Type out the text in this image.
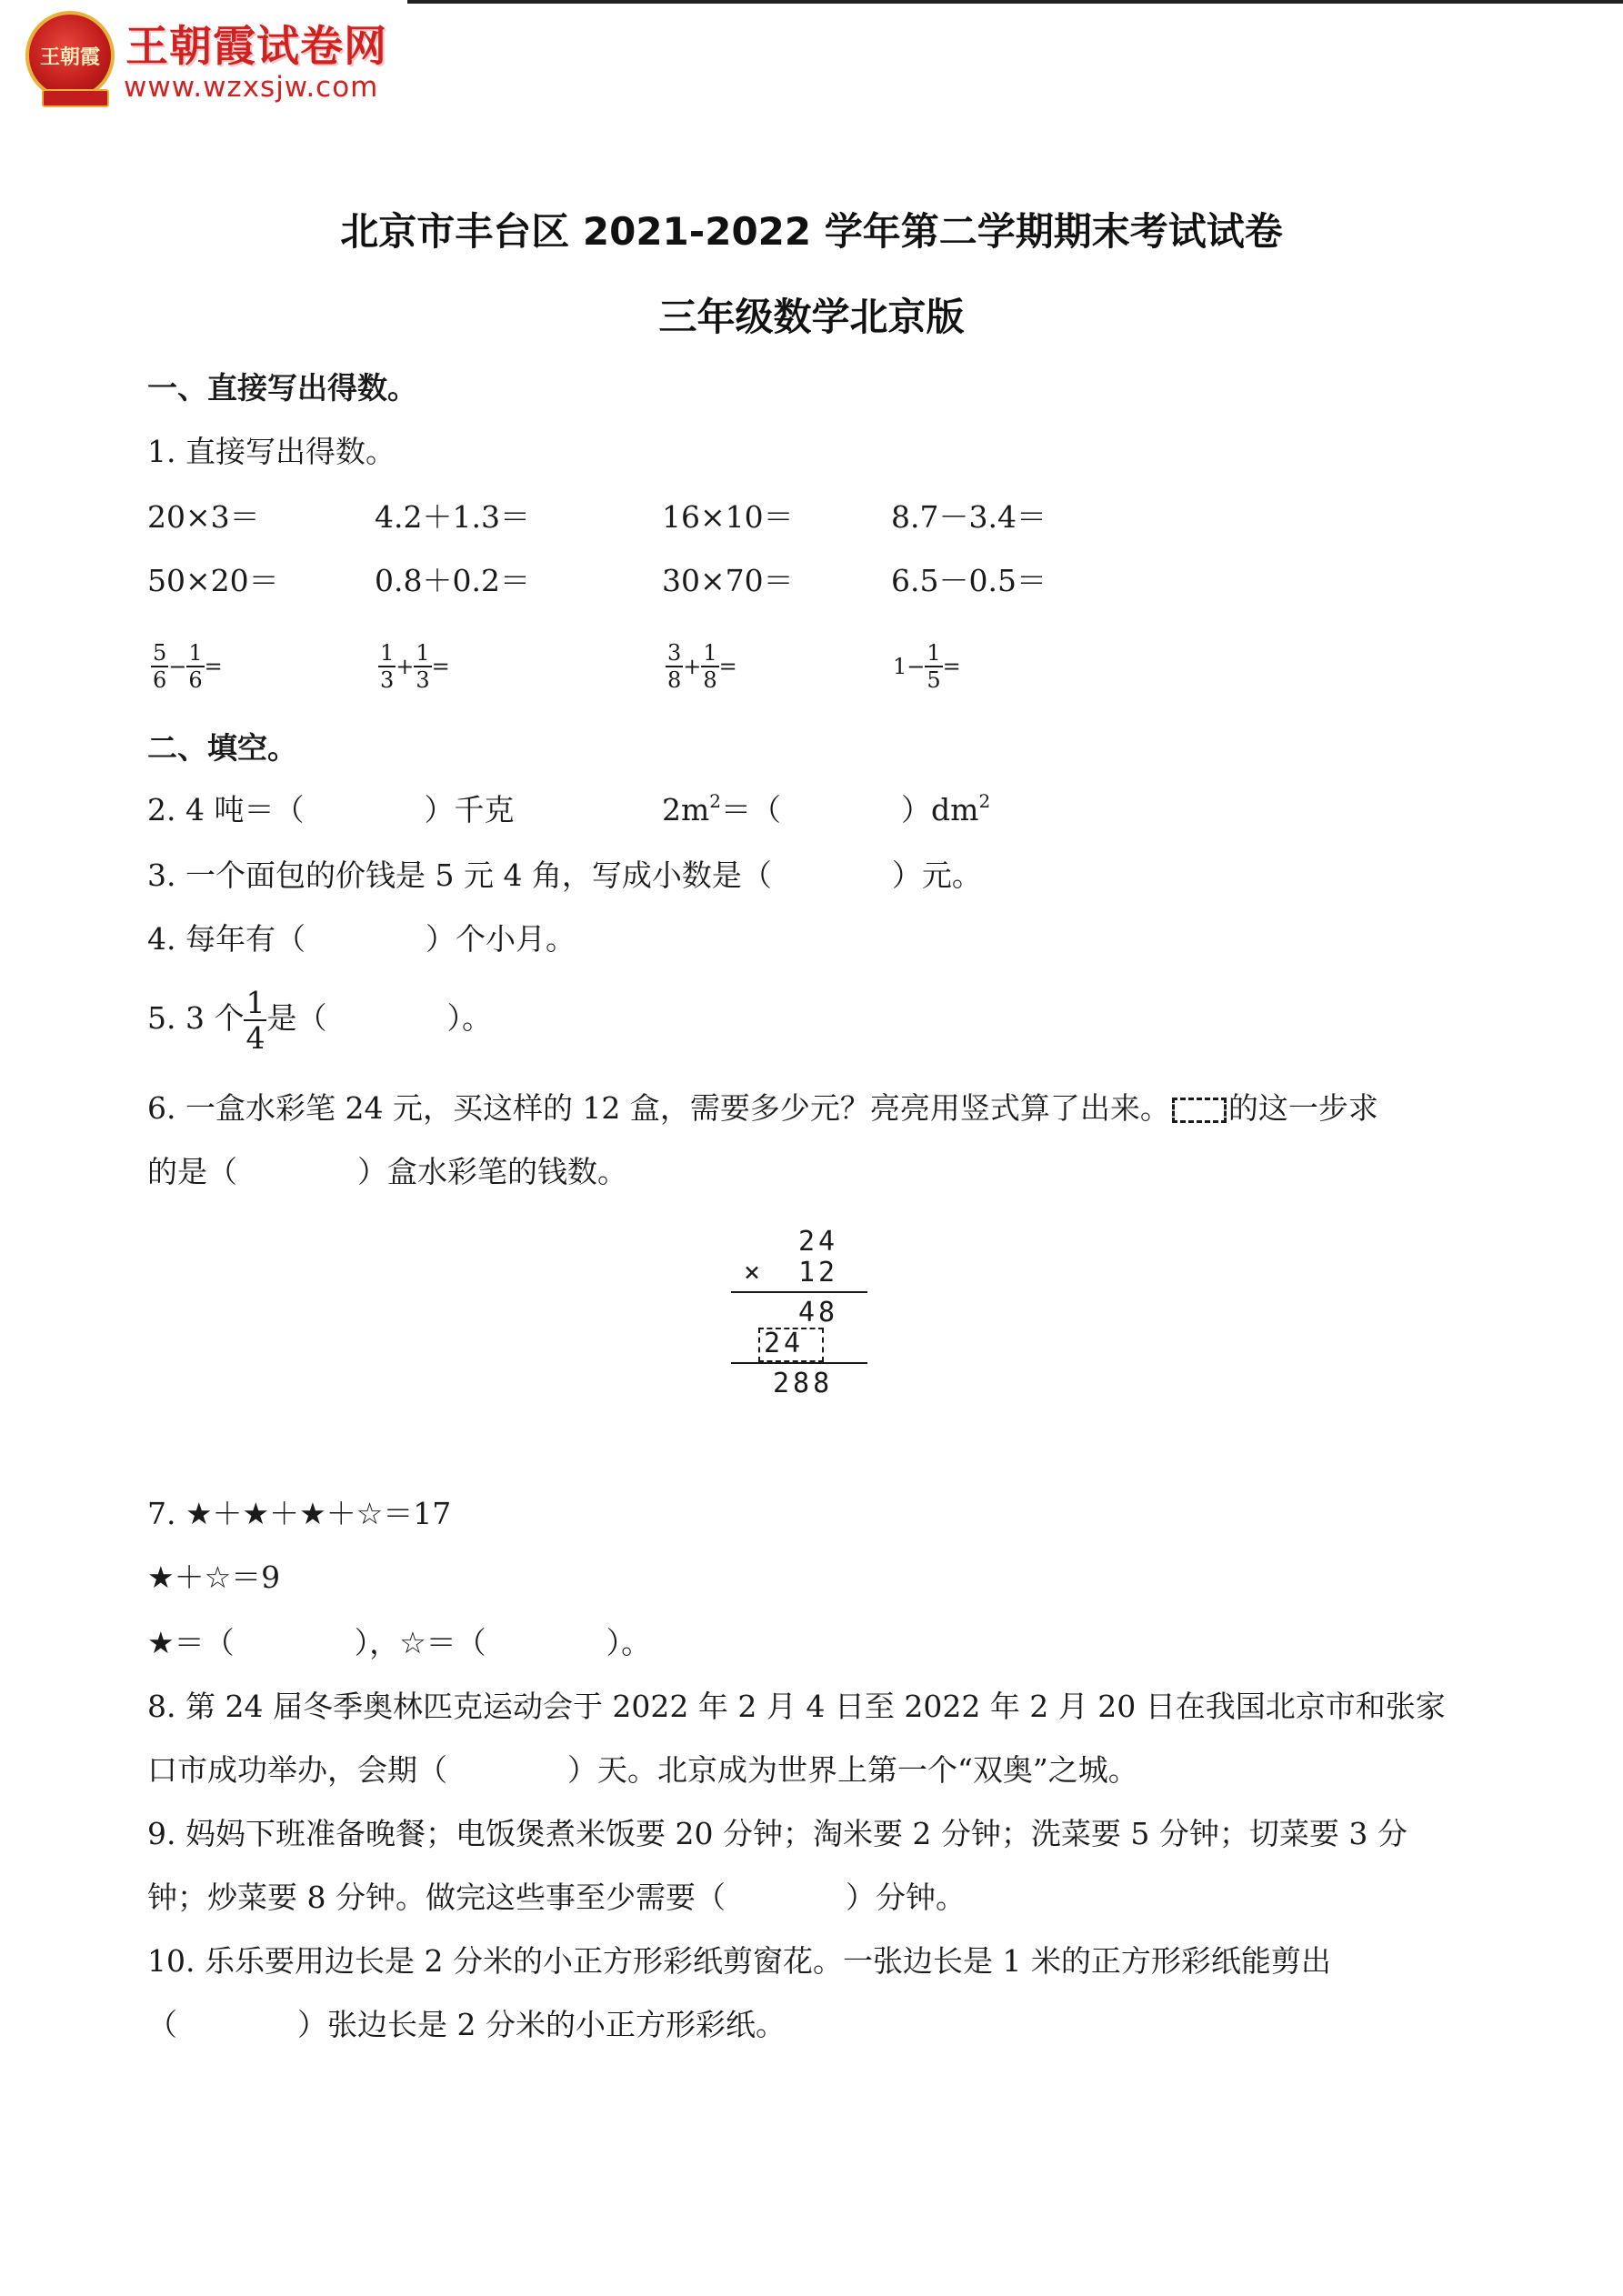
王朝霞 王朝霞试卷网
www.wzxsjw.com
北京市丰台区 2021-2022 学年第二学期期末考试试卷
三年级数学北京版
一、直接写出得数。
1. 直接写出得数。
20×3＝	4.2＋1.3＝	16×10＝	8.7－3.4＝
50×20＝	0.8＋0.2＝	30×70＝	6.5－0.5＝
$\frac{5}{6} - \frac{1}{6}$ =	$\frac{1}{3} + \frac{1}{3}$ =	$\frac{3}{8} + \frac{1}{8}$ =	$1- \frac{1}{5}$ =
二、填空。
2. 4 吨＝（　　　　）千克	$2m^2=$（　　　　）$dm^2$
3. 一个面包的价钱是 5 元 4 角，写成小数是（　　　　）元。
4. 每年有（　　　　）个小月。
5. 3 个 $\frac{1}{4}$ 是（　　　　）。
6. 一盒水彩笔 24 元，买这样的 12 盒，需要多少元？亮亮用竖式算了出来。 的这一步求
的是（　　　　）盒水彩笔的钱数。
24
× 12
48
24
288
7. ★＋★＋★＋☆＝17
★＋☆＝9
★＝（　　　　），☆＝（　　　　）。
8. 第 24 届冬季奥林匹克运动会于 2022 年 2 月 4 日至 2022 年 2 月 20 日在我国北京市和张家
口市成功举办，会期（　　　　）天。北京成为世界上第一个“双奥”之城。
9. 妈妈下班准备晚餐；电饭煲煮米饭要 20 分钟；淘米要 2 分钟；洗菜要 5 分钟；切菜要 3 分
钟；炒菜要 8 分钟。做完这些事至少需要（　　　　）分钟。
10. 乐乐要用边长是 2 分米的小正方形彩纸剪窗花。一张边长是 1 米的正方形彩纸能剪出
（　　　　）张边长是 2 分米的小正方形彩纸。
